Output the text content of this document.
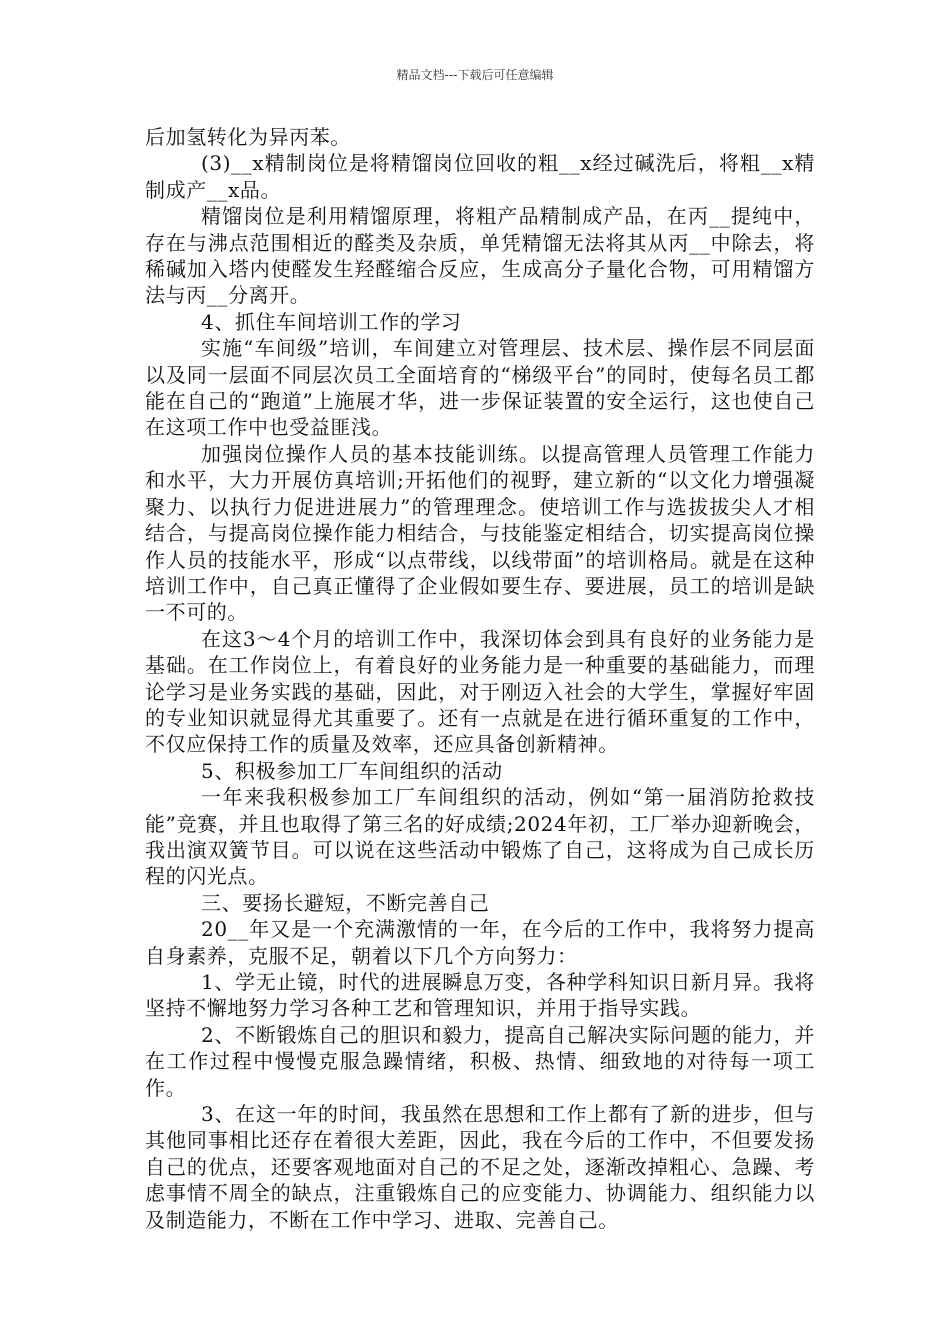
精品文档---下载后可任意编辑

后加氢转化为异丙苯。

(3)__x精制岗位是将精馏岗位回收的粗__x经过碱洗后，将粗__x精制成产__x品。

精馏岗位是利用精馏原理，将粗产品精制成产品，在丙__提纯中，存在与沸点范围相近的醛类及杂质，单凭精馏无法将其从丙__中除去，将稀碱加入塔内使醛发生羟醛缩合反应，生成高分子量化合物，可用精馏方法与丙__分离开。

4、抓住车间培训工作的学习

实施“车间级”培训，车间建立对管理层、技术层、操作层不同层面以及同一层面不同层次员工全面培育的“梯级平台”的同时，使每名员工都能在自己的“跑道”上施展才华，进一步保证装置的安全运行，这也使自己在这项工作中也受益匪浅。

加强岗位操作人员的基本技能训练。以提高管理人员管理工作能力和水平，大力开展仿真培训;开拓他们的视野，建立新的“以文化力增强凝聚力、以执行力促进进展力”的管理理念。使培训工作与选拔拔尖人才相结合，与提高岗位操作能力相结合，与技能鉴定相结合，切实提高岗位操作人员的技能水平，形成“以点带线，以线带面”的培训格局。就是在这种培训工作中，自己真正懂得了企业假如要生存、要进展，员工的培训是缺一不可的。

在这3～4个月的培训工作中，我深切体会到具有良好的业务能力是基础。在工作岗位上，有着良好的业务能力是一种重要的基础能力，而理论学习是业务实践的基础，因此，对于刚迈入社会的大学生，掌握好牢固的专业知识就显得尤其重要了。还有一点就是在进行循环重复的工作中，不仅应保持工作的质量及效率，还应具备创新精神。

5、积极参加工厂车间组织的活动

一年来我积极参加工厂车间组织的活动，例如“第一届消防抢救技能”竞赛，并且也取得了第三名的好成绩;2024年初，工厂举办迎新晚会，我出演双簧节目。可以说在这些活动中锻炼了自己，这将成为自己成长历程的闪光点。

三、要扬长避短，不断完善自己

20__年又是一个充满激情的一年，在今后的工作中，我将努力提高自身素养，克服不足，朝着以下几个方向努力：

1、学无止镜，时代的进展瞬息万变，各种学科知识日新月异。我将坚持不懈地努力学习各种工艺和管理知识，并用于指导实践。

2、不断锻炼自己的胆识和毅力，提高自己解决实际问题的能力，并在工作过程中慢慢克服急躁情绪，积极、热情、细致地的对待每一项工作。

3、在这一年的时间，我虽然在思想和工作上都有了新的进步，但与其他同事相比还存在着很大差距，因此，我在今后的工作中，不但要发扬自己的优点，还要客观地面对自己的不足之处，逐渐改掉粗心、急躁、考虑事情不周全的缺点，注重锻炼自己的应变能力、协调能力、组织能力以及制造能力，不断在工作中学习、进取、完善自己。
